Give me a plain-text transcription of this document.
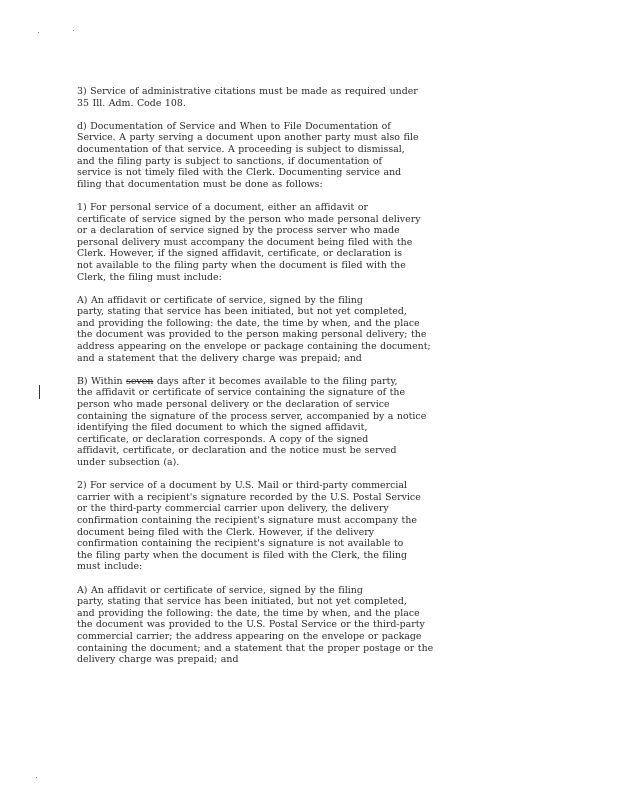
3) Service of administrative citations must be made as required under
35 Ill. Adm. Code 108.
d) Documentation of Service and When to File Documentation of
Service. A party serving a document upon another party must also file
documentation of that service. A proceeding is subject to dismissal,
and the filing party is subject to sanctions, if documentation of
service is not timely filed with the Clerk. Documenting service and
filing that documentation must be done as follows:
1) For personal service of a document, either an affidavit or
certificate of service signed by the person who made personal delivery
or a declaration of service signed by the process server who made
personal delivery must accompany the document being filed with the
Clerk. However, if the signed affidavit, certificate, or declaration is
not available to the filing party when the document is filed with the
Clerk, the filing must include:
A) An affidavit or certificate of service, signed by the filing
party, stating that service has been initiated, but not yet completed,
and providing the following: the date, the time by when, and the place
the document was provided to the person making personal delivery; the
address appearing on the envelope or package containing the document;
and a statement that the delivery charge was prepaid; and
B) Within seven days after it becomes available to the filing party,
the affidavit or certificate of service containing the signature of the
person who made personal delivery or the declaration of service
containing the signature of the process server, accompanied by a notice
identifying the filed document to which the signed affidavit,
certificate, or declaration corresponds. A copy of the signed
affidavit, certificate, or declaration and the notice must be served
under subsection (a).
2) For service of a document by U.S. Mail or third-party commercial
carrier with a recipient's signature recorded by the U.S. Postal Service
or the third-party commercial carrier upon delivery, the delivery
confirmation containing the recipient's signature must accompany the
document being filed with the Clerk. However, if the delivery
confirmation containing the recipient's signature is not available to
the filing party when the document is filed with the Clerk, the filing
must include:
A) An affidavit or certificate of service, signed by the filing
party, stating that service has been initiated, but not yet completed,
and providing the following: the date, the time by when, and the place
the document was provided to the U.S. Postal Service or the third-party
commercial carrier; the address appearing on the envelope or package
containing the document; and a statement that the proper postage or the
delivery charge was prepaid; and
